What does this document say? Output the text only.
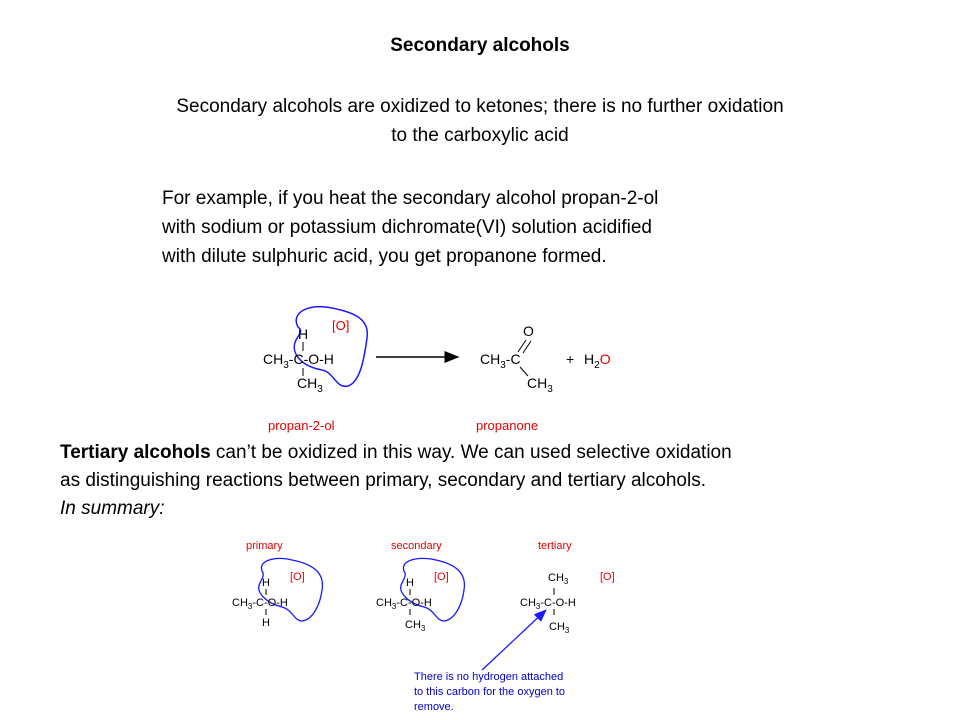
Secondary alcohols
Secondary alcohols are oxidized to ketones; there is no further oxidation
to the carboxylic acid
For example, if you heat the secondary alcohol propan-2-ol
with sodium or potassium dichromate(VI) solution acidified
with dilute sulphuric acid, you get propanone formed.
Tertiary alcohols can’t be oxidized in this way. We can used selective oxidation
as distinguishing reactions between primary, secondary and tertiary alcohols.
In summary:
[O]
H
$CH_3-C-O-H$
$CH_3$
O
$CH_3-C$
$CH_3$
+ $H_2O$
propan-2-ol	propanone
primary	secondary	tertiary
[O]
H
$CH_3-C-O-H$
H
[O]
H
$CH_3-C-O-H$
$CH_3$
[O]
$CH_3$
$CH_3-C-O-H$
$CH_3$
There is no hydrogen attached
to this carbon for the oxygen to
remove.
